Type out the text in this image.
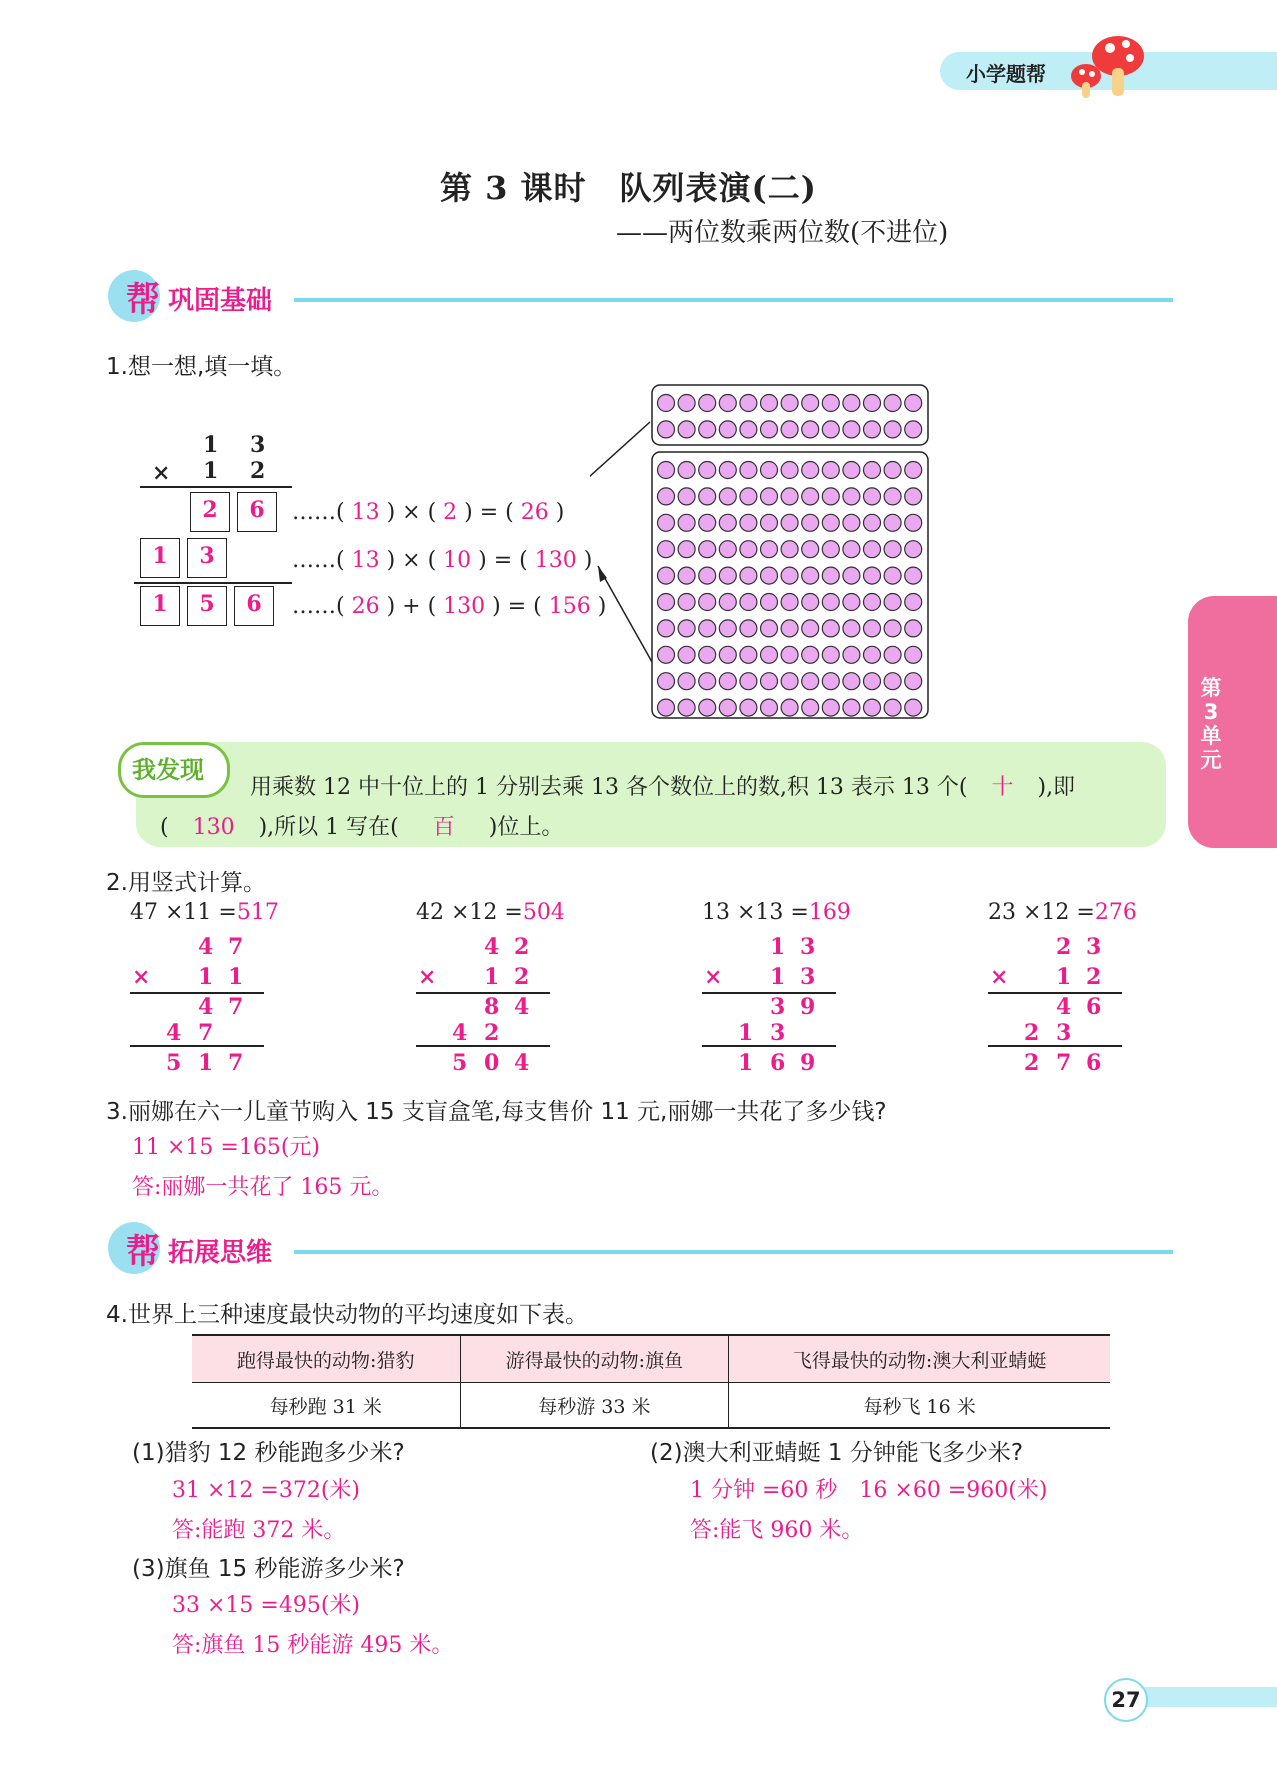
小学题帮
第 3 课时　队列表演(二)
——两位数乘两位数(不进位)
帮 巩固基础
1.想一想,填一填。
1 3
× 1 2
2	6
1	3
1	5	6
……( 13 ) × ( 2 ) = ( 26 )
……( 13 ) × ( 10 ) = ( 130 )
……( 26 ) + ( 130 ) = ( 156 )
我发现
用乘数 12 中十位上的 1 分别去乘 13 各个数位上的数,积 13 表示 13 个( 十 ),即
( 130 ),所以 1 写在( 百 )位上。
第3单元
2.用竖式计算。
47 ×11 =517
4 7
× 1 1
4 7
4 7
5 1 7
42 ×12 =504
4 2
× 1 2
8 4
4 2
5 0 4
13 ×13 =169
1 3
× 1 3
3 9
1 3
1 6 9
23 ×12 =276
2 3
× 1 2
4 6
2 3
2 7 6
3.丽娜在六一儿童节购入 15 支盲盒笔,每支售价 11 元,丽娜一共花了多少钱?
11 ×15 =165(元)
答:丽娜一共花了 165 元。
帮 拓展思维
4.世界上三种速度最快动物的平均速度如下表。
跑得最快的动物:猎豹	游得最快的动物:旗鱼	飞得最快的动物:澳大利亚蜻蜓
每秒跑 31 米	每秒游 33 米	每秒飞 16 米
(1)猎豹 12 秒能跑多少米?
31 ×12 =372(米)
答:能跑 372 米。
(2)澳大利亚蜻蜓 1 分钟能飞多少米?
1 分钟 =60 秒　16 ×60 =960(米)
答:能飞 960 米。
(3)旗鱼 15 秒能游多少米?
33 ×15 =495(米)
答:旗鱼 15 秒能游 495 米。
27
